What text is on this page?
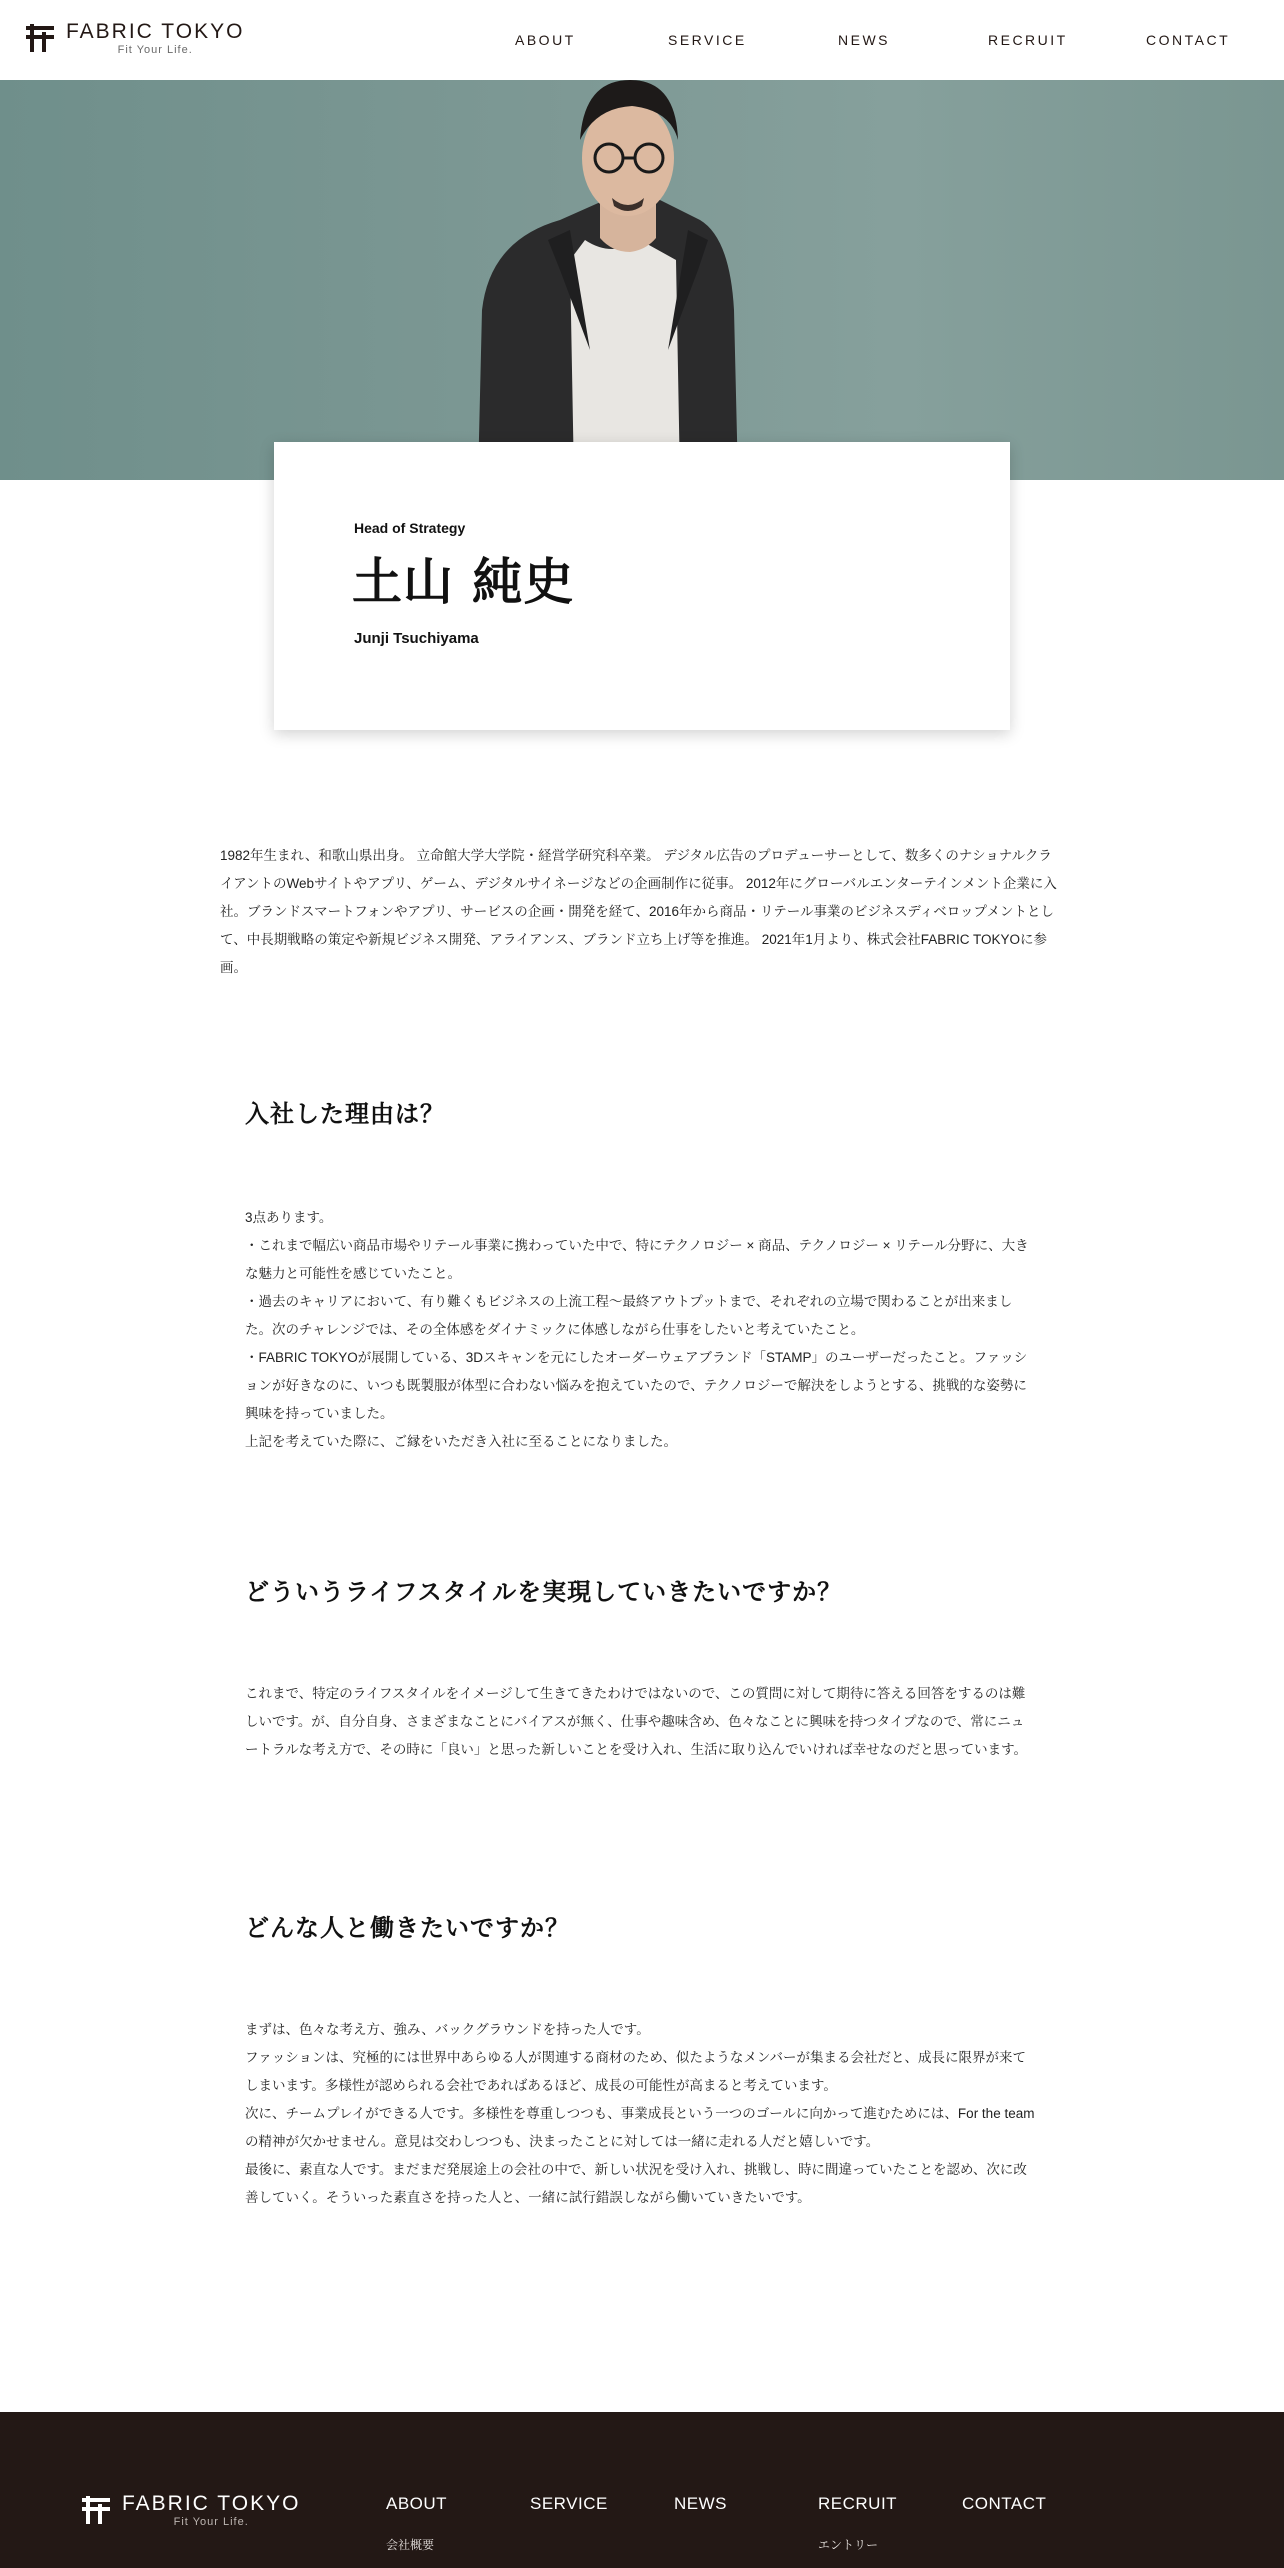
FABRIC TOKYO
Fit Your Life.
ABOUT	SERVICE	NEWS	RECRUIT	CONTACT
Head of Strategy
土山 純史
Junji Tsuchiyama

1982年生まれ、和歌山県出身。 立命館大学大学院・経営学研究科卒業。 デジタル広告のプロデューサーとして、数多くのナショナルクライアントのWebサイトやアプリ、ゲーム、デジタルサイネージなどの企画制作に従事。 2012年にグローバルエンターテインメント企業に入社。ブランドスマートフォンやアプリ、サービスの企画・開発を経て、2016年から商品・リテール事業のビジネスディベロップメントとして、中長期戦略の策定や新規ビジネス開発、アライアンス、ブランド立ち上げ等を推進。 2021年1月より、株式会社FABRIC TOKYOに参画。

入社した理由は？

3点あります。

・これまで幅広い商品市場やリテール事業に携わっていた中で、特にテクノロジー × 商品、テクノロジー × リテール分野に、大きな魅力と可能性を感じていたこと。

・過去のキャリアにおいて、有り難くもビジネスの上流工程〜最終アウトプットまで、それぞれの立場で関わることが出来ました。次のチャレンジでは、その全体感をダイナミックに体感しながら仕事をしたいと考えていたこと。

・FABRIC TOKYOが展開している、3Dスキャンを元にしたオーダーウェアブランド「STAMP」のユーザーだったこと。ファッションが好きなのに、いつも既製服が体型に合わない悩みを抱えていたので、テクノロジーで解決をしようとする、挑戦的な姿勢に興味を持っていました。

上記を考えていた際に、ご縁をいただき入社に至ることになりました。

どういうライフスタイルを実現していきたいですか？

これまで、特定のライフスタイルをイメージして生きてきたわけではないので、この質問に対して期待に答える回答をするのは難しいです。が、自分自身、さまざまなことにバイアスが無く、仕事や趣味含め、色々なことに興味を持つタイプなので、常にニュートラルな考え方で、その時に「良い」と思った新しいことを受け入れ、生活に取り込んでいければ幸せなのだと思っています。

どんな人と働きたいですか？

まずは、色々な考え方、強み、バックグラウンドを持った人です。

ファッションは、究極的には世界中あらゆる人が関連する商材のため、似たようなメンバーが集まる会社だと、成長に限界が来てしまいます。多様性が認められる会社であればあるほど、成長の可能性が高まると考えています。

次に、チームプレイができる人です。多様性を尊重しつつも、事業成長という一つのゴールに向かって進むためには、For the teamの精神が欠かせません。意見は交わしつつも、決まったことに対しては一緒に走れる人だと嬉しいです。

最後に、素直な人です。まだまだ発展途上の会社の中で、新しい状況を受け入れ、挑戦し、時に間違っていたことを認め、次に改善していく。そういった素直さを持った人と、一緒に試行錯誤しながら働いていきたいです。

FABRIC TOKYO
Fit Your Life.
ABOUT	SERVICE	NEWS	RECRUIT	CONTACT
会社概要	エントリー
